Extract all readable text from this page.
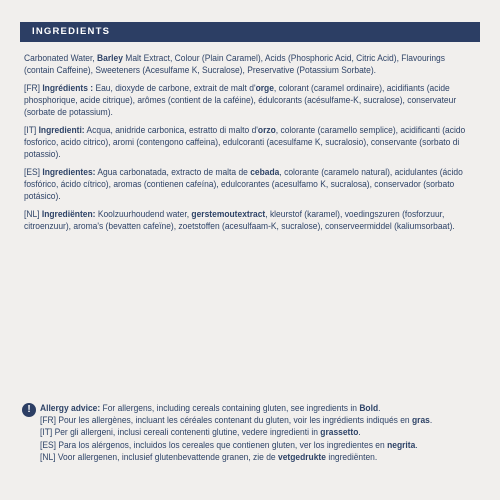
INGREDIENTS

Carbonated Water, Barley Malt Extract, Colour (Plain Caramel), Acids (Phosphoric Acid, Citric Acid), Flavourings (contain Caffeine), Sweeteners (Acesulfame K, Sucralose), Preservative (Potassium Sorbate).

[FR] Ingrédients : Eau, dioxyde de carbone, extrait de malt d'orge, colorant (caramel ordinaire), acidifiants (acide phosphorique, acide citrique), arômes (contient de la caféine), édulcorants (acésulfame-K, sucralose), conservateur (sorbate de potassium).

[IT] Ingredienti: Acqua, anidride carbonica, estratto di malto d'orzo, colorante (caramello semplice), acidificanti (acido fosforico, acido citrico), aromi (contengono caffeina), edulcoranti (acesulfame K, sucralosio), conservante (sorbato di potassio).

[ES] Ingredientes: Agua carbonatada, extracto de malta de cebada, colorante (caramelo natural), acidulantes (ácido fosfórico, ácido cítrico), aromas (contienen cafeína), edulcorantes (acesulfamo K, sucralosa), conservador (sorbato potásico).

[NL] Ingrediënten: Koolzuurhoudend water, gerstemoutextract, kleurstof (karamel), voedingszuren (fosforzuur, citroenzuur), aroma's (bevatten cafeïne), zoetstoffen (acesulfaam-K, sucralose), conserveermiddel (kaliumsorbaat).

!	Allergy advice: For allergens, including cereals containing gluten, see ingredients in Bold.
[FR] Pour les allergènes, incluant les céréales contenant du gluten, voir les ingrédients indiqués en gras.
[IT] Per gli allergeni, inclusi cereali contenenti glutine, vedere ingredienti in grassetto.
[ES] Para los alérgenos, incluidos los cereales que contienen gluten, ver los ingredientes en negrita.
[NL] Voor allergenen, inclusief glutenbevattende granen, zie de vetgedrukte ingrediënten.
